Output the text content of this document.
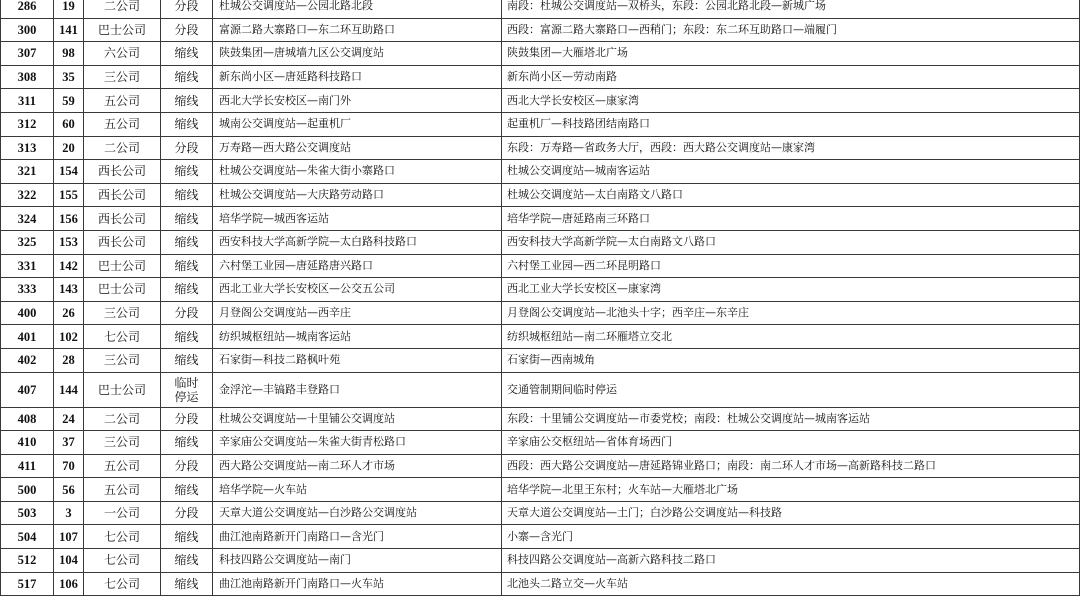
286	19	二公司	分段	杜城公交调度站—公园北路北段	南段：杜城公交调度站—双桥头，东段：公园北路北段—新城广场
300	141	巴士公司	分段	富源二路大寨路口—东二环互助路口	西段：富源二路大寨路口—西稍门；东段：东二环互助路口—端履门
307	98	六公司	缩线	陕鼓集团—唐城墙九区公交调度站	陕鼓集团—大雁塔北广场
308	35	三公司	缩线	新东尚小区—唐延路科技路口	新东尚小区—劳动南路
311	59	五公司	缩线	西北大学长安校区—南门外	西北大学长安校区—康家湾
312	60	五公司	缩线	城南公交调度站—起重机厂	起重机厂—科技路团结南路口
313	20	二公司	分段	万寿路—西大路公交调度站	东段：万寿路—省政务大厅，西段：西大路公交调度站—康家湾
321	154	西长公司	缩线	杜城公交调度站—朱雀大街小寨路口	杜城公交调度站—城南客运站
322	155	西长公司	缩线	杜城公交调度站—大庆路劳动路口	杜城公交调度站—太白南路文八路口
324	156	西长公司	缩线	培华学院—城西客运站	培华学院—唐延路南三环路口
325	153	西长公司	缩线	西安科技大学高新学院—太白路科技路口	西安科技大学高新学院—太白南路文八路口
331	142	巴士公司	缩线	六村堡工业园—唐延路唐兴路口	六村堡工业园—西二环昆明路口
333	143	巴士公司	缩线	西北工业大学长安校区—公交五公司	西北工业大学长安校区—康家湾
400	26	三公司	分段	月登阁公交调度站—西辛庄	月登阁公交调度站—北池头十字；西辛庄—东辛庄
401	102	七公司	缩线	纺织城枢纽站—城南客运站	纺织城枢纽站—南二环雁塔立交北
402	28	三公司	缩线	石家街—科技二路枫叶苑	石家街—西南城角
407	144	巴士公司	临时停运	金浮沱—丰镐路丰登路口	交通管制期间临时停运
408	24	二公司	分段	杜城公交调度站—十里铺公交调度站	东段：十里铺公交调度站—市委党校；南段：杜城公交调度站—城南客运站
410	37	三公司	缩线	辛家庙公交调度站—朱雀大街青松路口	辛家庙公交枢纽站—省体育场西门
411	70	五公司	分段	西大路公交调度站—南二环人才市场	西段：西大路公交调度站—唐延路锦业路口；南段：南二环人才市场—高新路科技二路口
500	56	五公司	缩线	培华学院—火车站	培华学院—北里王东村；火车站—大雁塔北广场
503	3	一公司	分段	天章大道公交调度站—白沙路公交调度站	天章大道公交调度站—土门；白沙路公交调度站—科技路
504	107	七公司	缩线	曲江池南路新开门南路口—含光门	小寨—含光门
512	104	七公司	缩线	科技四路公交调度站—南门	科技四路公交调度站—高新六路科技二路口
517	106	七公司	缩线	曲江池南路新开门南路口—火车站	北池头二路立交—火车站
